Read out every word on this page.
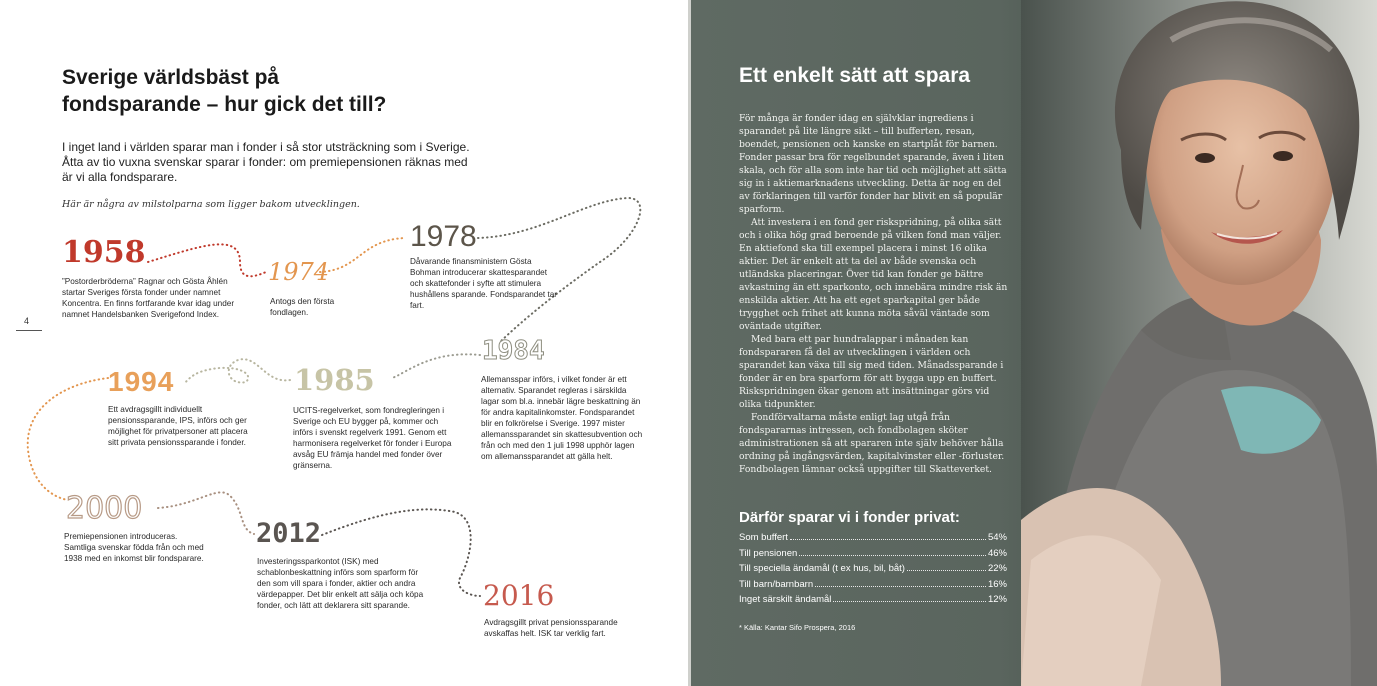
Sverige världsbäst på
fondsparande – hur gick det till?

I inget land i världen sparar man i fonder i så stor utsträckning som i Sverige. Åtta av tio vuxna svenskar sparar i fonder: om premiepensionen räknas med är vi alla fondsparare.

Här är några av milstolparna som ligger bakom utvecklingen.

4

1958

”Postorderbröderna” Ragnar och Gösta Åhlén startar Sveriges första fonder under namnet Koncentra. En finns fortfarande kvar idag under namnet Handelsbanken Sverigefond Index.

1974

Antogs den första fondlagen.

1978

Dåvarande finansministern Gösta Bohman introducerar skattesparandet och skattefonder i syfte att stimulera hushållens sparande. Fondsparandet tar fart.

1984

Allemansspar införs, i vilket fonder är ett alternativ. Sparandet regleras i särskilda lagar som bl.a. innebär lägre beskattning än för andra kapitalinkomster. Fondsparandet blir en folkrörelse i Sverige. 1997 mister allemanssparandet sin skattesubvention och från och med den 1 juli 1998 upphör lagen om allemanssparandet att gälla helt.

1985

UCITS-regelverket, som fondregleringen i Sverige och EU bygger på, kommer och införs i svenskt regelverk 1991. Genom ett harmonisera regelverket för fonder i Europa avsåg EU främja handel med fonder över gränserna.

1994

Ett avdragsgillt individuellt pensionssparande, IPS, införs och ger möjlighet för privatpersoner att placera sitt privata pensionssparande i fonder.

2000

Premiepensionen introduceras. Samtliga svenskar födda från och med 1938 med en inkomst blir fondsparare.

2012

Investeringssparkontot (ISK) med schablonbeskattning införs som sparform för den som vill spara i fonder, aktier och andra värdepapper. Det blir enkelt att sälja och köpa fonder, och lätt att deklarera sitt sparande.	2016

Avdragsgillt privat pensionssparande avskaffas helt. ISK tar verklig fart.

Ett enkelt sätt att spara

För många är fonder idag en självklar ingrediens i sparandet på lite längre sikt – till bufferten, resan, boendet, pensionen och kanske en startplåt för barnen. Fonder passar bra för regelbundet sparande, även i liten skala, och för alla som inte har tid och möjlighet att sätta sig in i aktiemarknadens utveckling. Detta är nog en del av förklaringen till varför fonder har blivit en så populär sparform.

Att investera i en fond ger riskspridning, på olika sätt och i olika hög grad beroende på vilken fond man väljer. En aktiefond ska till exempel placera i minst 16 olika aktier. Det är enkelt att ta del av både svenska och utländska placeringar. Över tid kan fonder ge bättre avkastning än ett sparkonto, och innebära mindre risk än enskilda aktier. Att ha ett eget sparkapital ger både trygghet och frihet att kunna möta såväl väntade som oväntade utgifter.

Med bara ett par hundralappar i månaden kan fondspararen få del av utvecklingen i världen och sparandet kan växa till sig med tiden. Månadssparande i fonder är en bra sparform för att bygga upp en buffert. Riskspridningen ökar genom att insättningar görs vid olika tidpunkter.

Fondförvaltarna måste enligt lag utgå från fondspararnas intressen, och fondbolagen sköter administrationen så att spararen inte själv behöver hålla ordning på ingångsvärden, kapitalvinster eller -förluster. Fondbolagen lämnar också uppgifter till Skatteverket.

Därför sparar vi i fonder privat:
Som buffert	54%
Till pensionen	46%
Till speciella ändamål (t ex hus, bil, båt)	22%
Till barn/barnbarn	16%
Inget särskilt ändamål	12%
* Källa: Kantar Sifo Prospera, 2016
